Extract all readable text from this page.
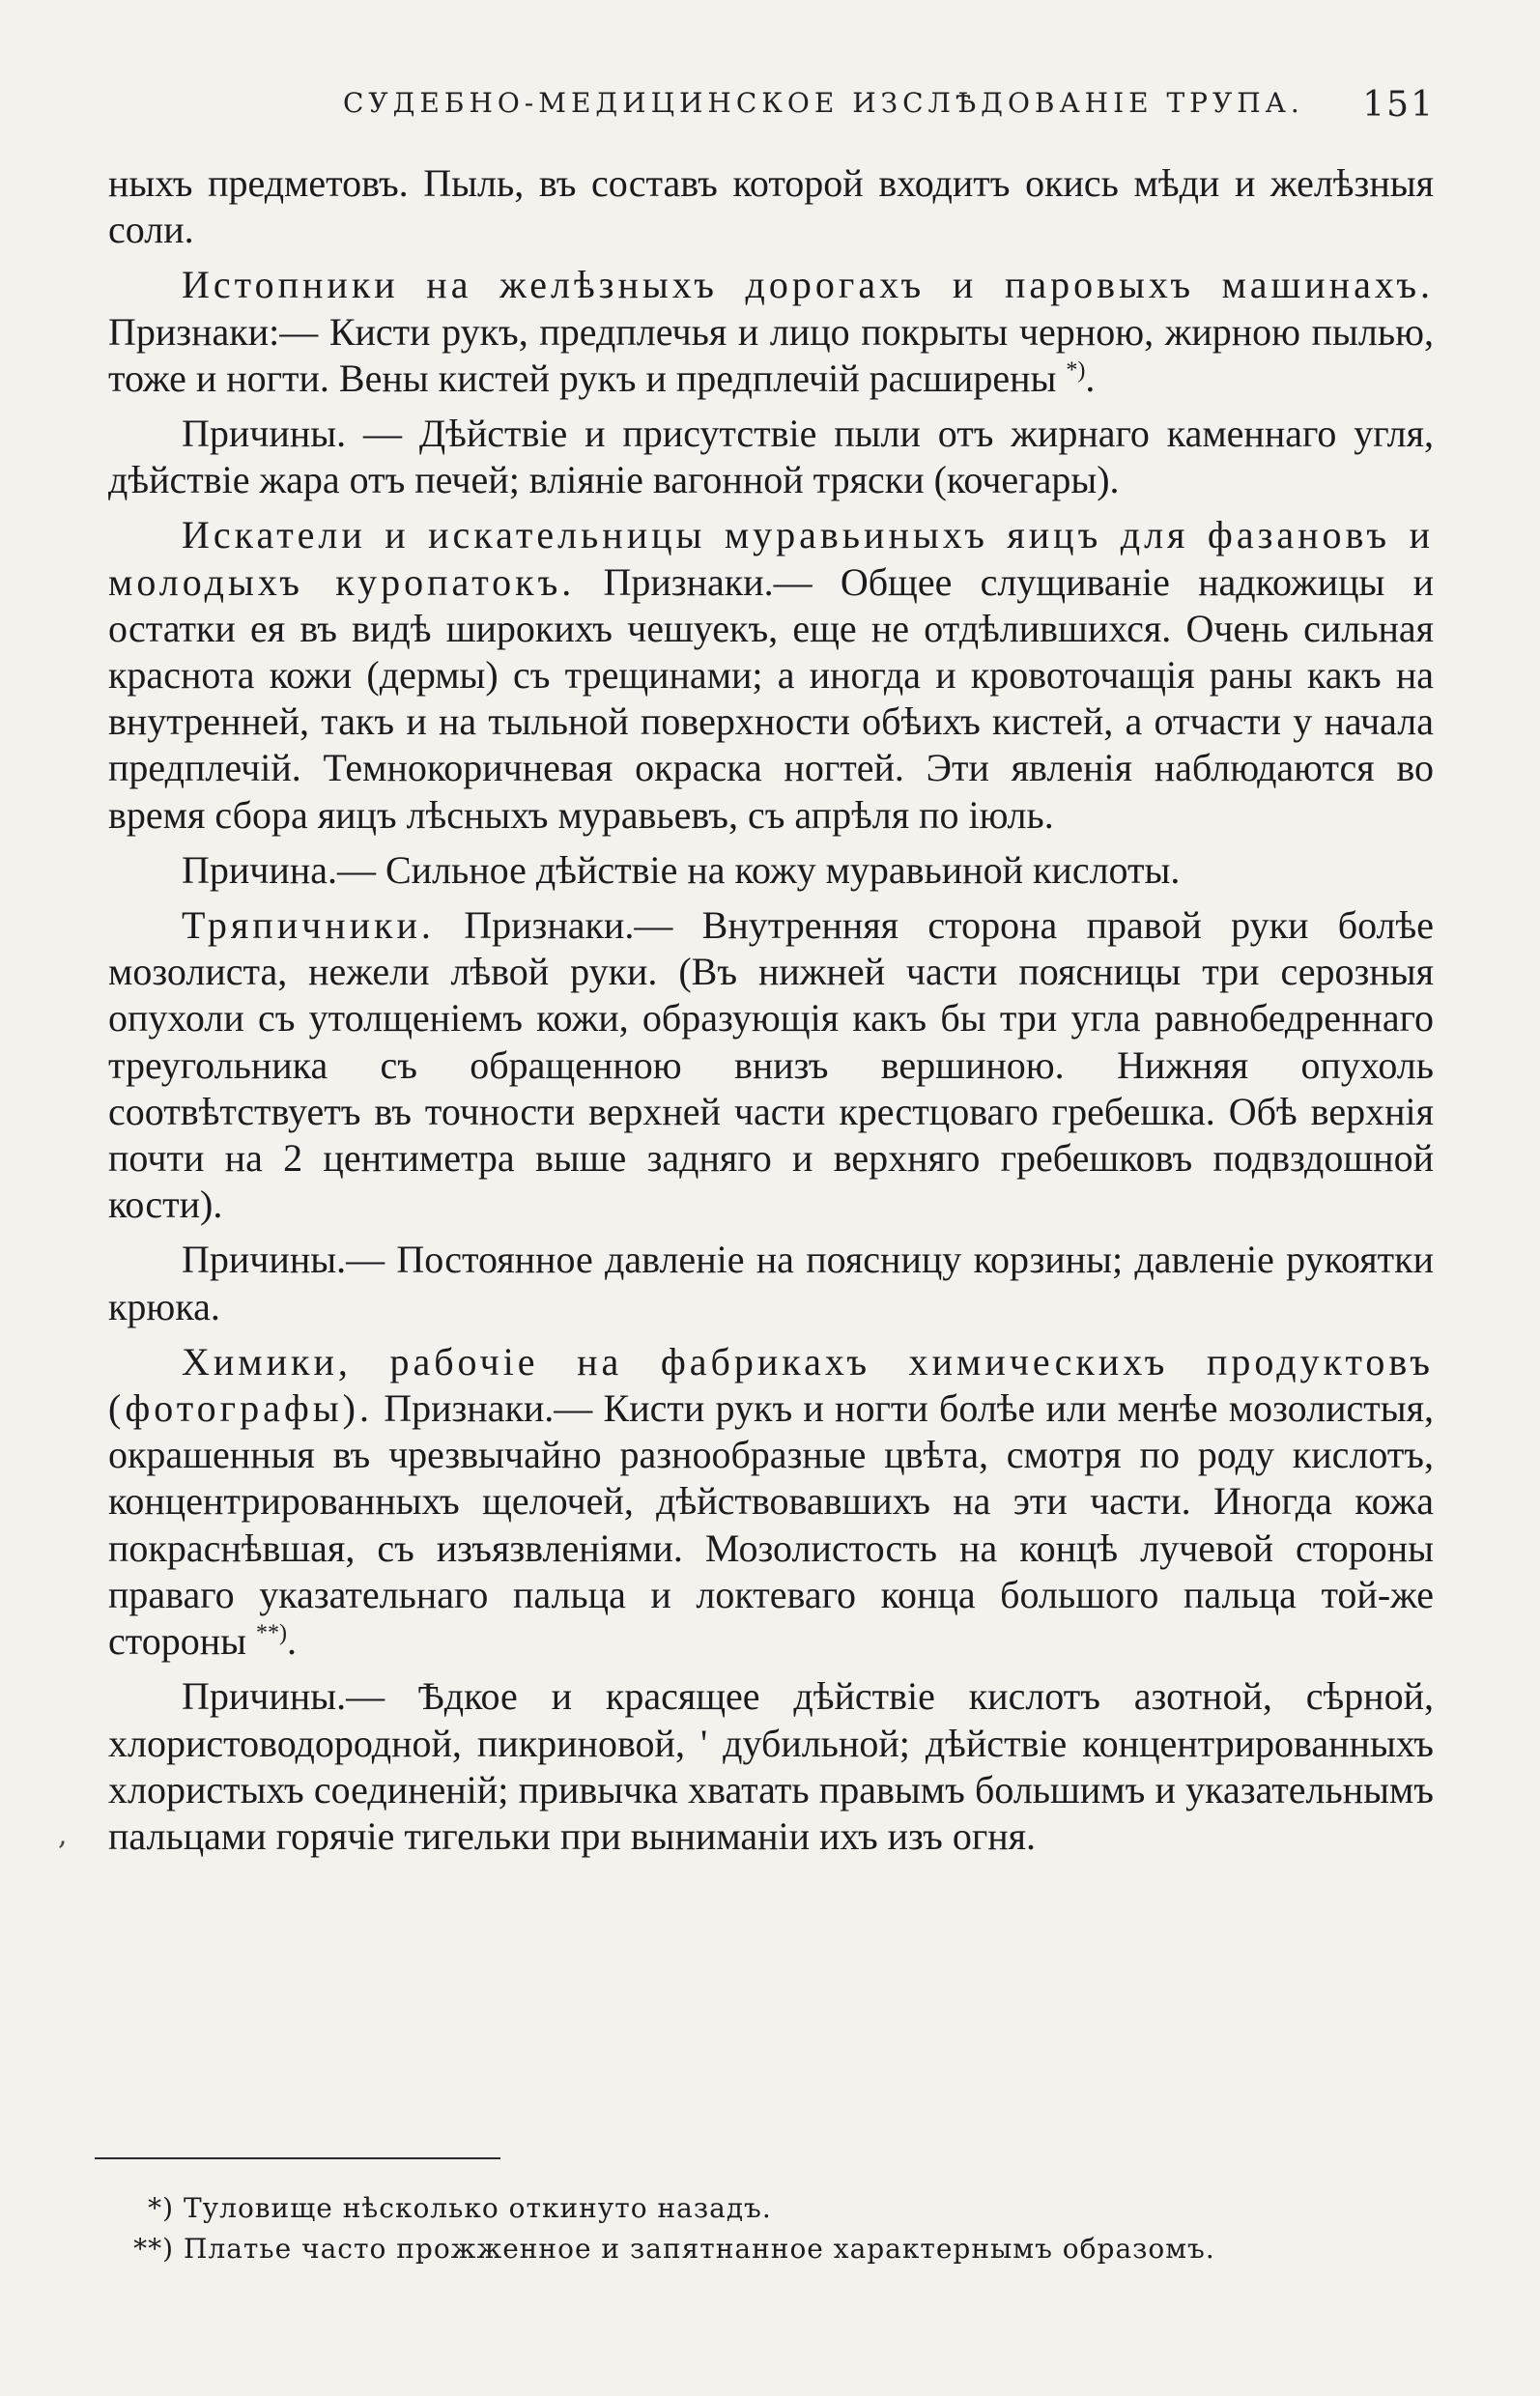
СУДЕБНО-МЕДИЦИНСКОЕ ИЗСЛѢДОВАНІЕ ТРУПА. 151

ныхъ предметовъ. Пыль, въ составъ которой входитъ окись мѣди и желѣзныя соли.

Истопники на желѣзныхъ дорогахъ и паровыхъ машинахъ. Признаки:— Кисти рукъ, предплечья и лицо покрыты черною, жирною пылью, тоже и ногти. Вены кистей рукъ и предплечій расширены *).

Причины. — Дѣйствіе и присутствіе пыли отъ жирнаго каменнаго угля, дѣйствіе жара отъ печей; вліяніе вагонной тряски (кочегары).

Искатели и искательницы муравьиныхъ яицъ для фазановъ и молодыхъ куропатокъ. Признаки.— Общее слущиваніе надкожицы и остатки ея въ видѣ широкихъ чешуекъ, еще не отдѣлившихся. Очень сильная краснота кожи (дермы) съ трещинами; а иногда и кровоточащія раны какъ на внутренней, такъ и на тыльной поверхности обѣихъ кистей, а отчасти у начала предплечій. Темнокоричневая окраска ногтей. Эти явленія наблюдаются во время сбора яицъ лѣсныхъ муравьевъ, съ апрѣля по іюль.

Причина.— Сильное дѣйствіе на кожу муравьиной кислоты.

Тряпичники. Признаки.— Внутренняя сторона правой руки болѣе мозолиста, нежели лѣвой руки. (Въ нижней части поясницы три серозныя опухоли съ утолщеніемъ кожи, образующія какъ бы три угла равнобедреннаго треугольника съ обращенною внизъ вершиною. Нижняя опухоль соотвѣтствуетъ въ точности верхней части крестцоваго гребешка. Обѣ верхнія почти на 2 центиметра выше задняго и верхняго гребешковъ подвздошной кости).

Причины.— Постоянное давленіе на поясницу корзины; давленіе рукоятки крюка.

Химики, рабочіе на фабрикахъ химическихъ продуктовъ (фотографы). Признаки.— Кисти рукъ и ногти болѣе или менѣе мозолистыя, окрашенныя въ чрезвычайно разнообразные цвѣта, смотря по роду кислотъ, концентрированныхъ щелочей, дѣйствовавшихъ на эти части. Иногда кожа покраснѣвшая, съ изъязвленіями. Мозолистость на концѣ лучевой стороны праваго указательнаго пальца и локтеваго конца большого пальца той-же стороны **).

Причины.— Ѣдкое и красящее дѣйствіе кислотъ азотной, сѣрной, хлористоводородной, пикриновой, ' дубильной; дѣйствіе концентрированныхъ хлористыхъ соединеній; привычка хватать правымъ большимъ и указательнымъ пальцами горячіе тигельки при выниманіи ихъ изъ огня.

,
*) Туловище нѣсколько откинуто назадъ.
**) Платье часто прожженное и запятнанное характернымъ образомъ.
